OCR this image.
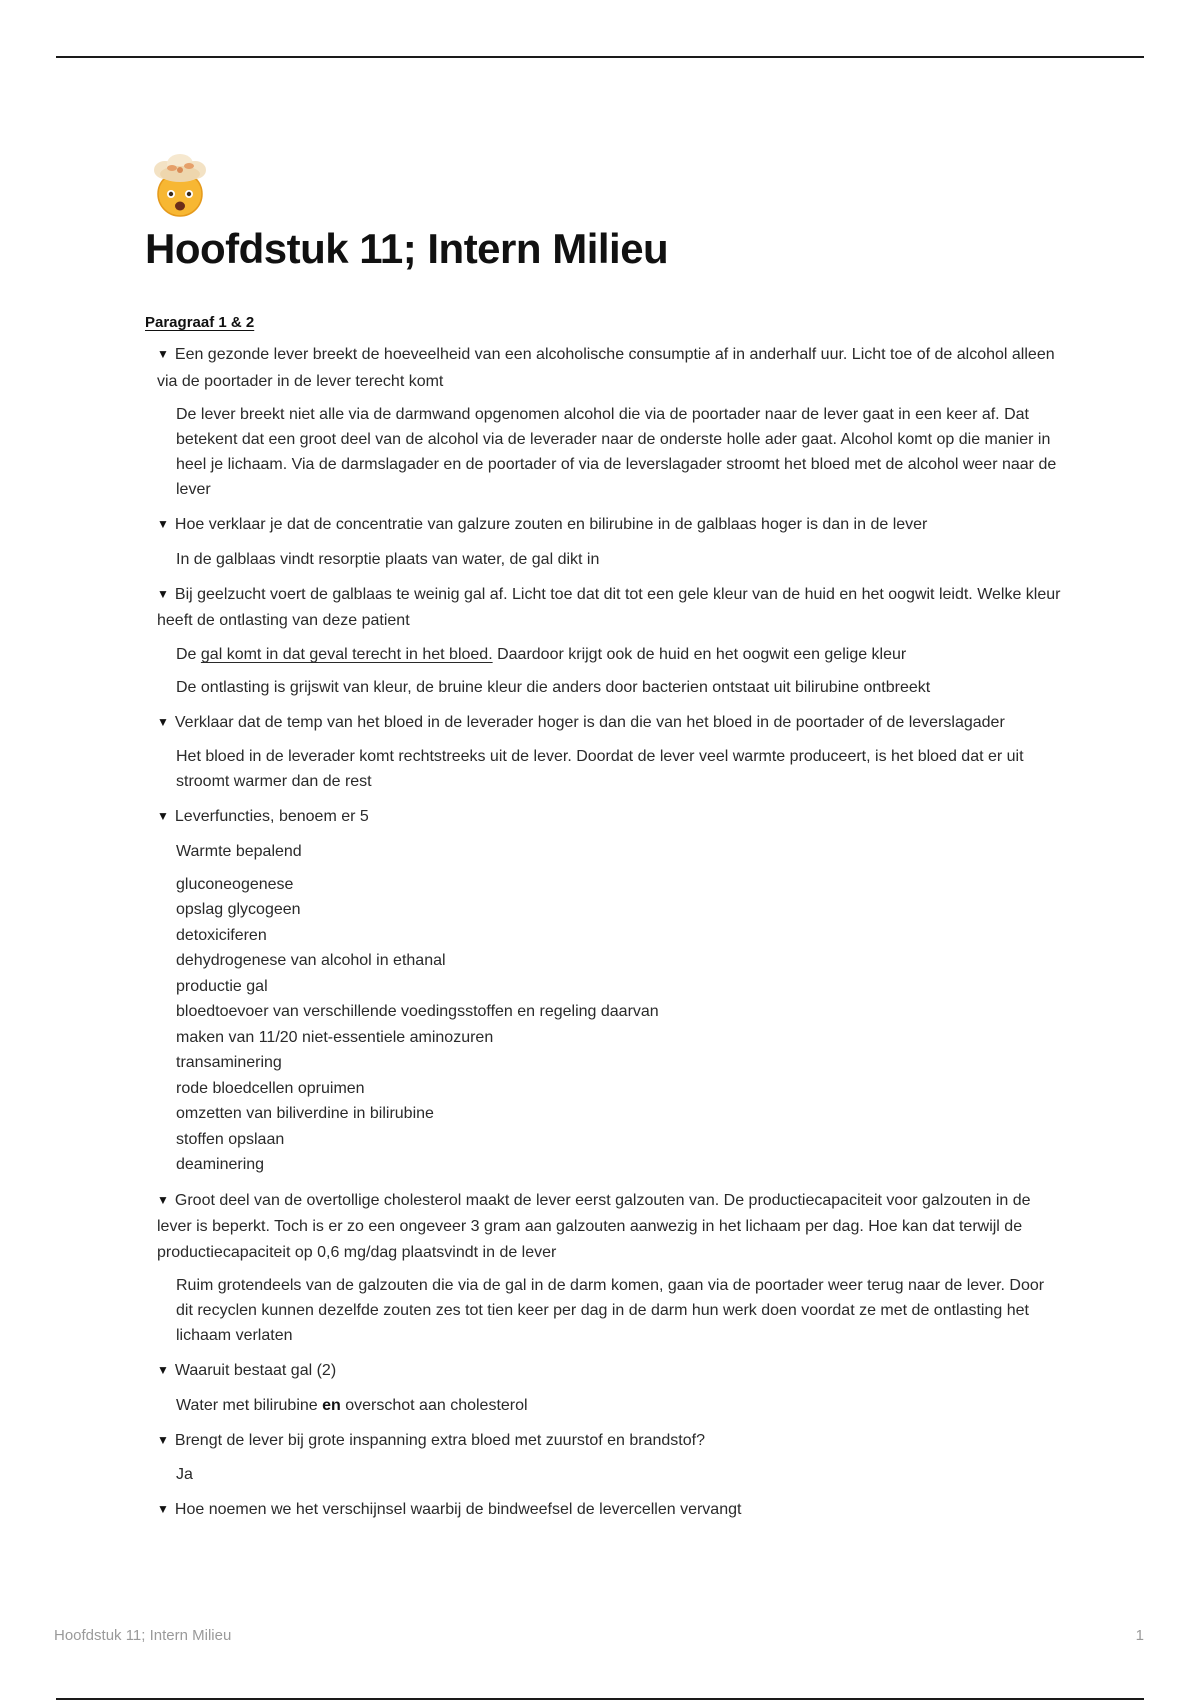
Hoofdstuk 11; Intern Milieu
Paragraaf 1 & 2
▼ Een gezonde lever breekt de hoeveelheid van een alcoholische consumptie af in anderhalf uur. Licht toe of de alcohol alleen via de poortader in de lever terecht komt

De lever breekt niet alle via de darmwand opgenomen alcohol die via de poortader naar de lever gaat in een keer af. Dat betekent dat een groot deel van de alcohol via de leverader naar de onderste holle ader gaat. Alcohol komt op die manier in heel je lichaam. Via de darmslagader en de poortader of via de leverslagader stroomt het bloed met de alcohol weer naar de lever

▼ Hoe verklaar je dat de concentratie van galzure zouten en bilirubine in de galblaas hoger is dan in de lever

In de galblaas vindt resorptie plaats van water, de gal dikt in

▼ Bij geelzucht voert de galblaas te weinig gal af. Licht toe dat dit tot een gele kleur van de huid en het oogwit leidt. Welke kleur heeft de ontlasting van deze patient

De gal komt in dat geval terecht in het bloed. Daardoor krijgt ook de huid en het oogwit een gelige kleur

De ontlasting is grijswit van kleur, de bruine kleur die anders door bacterien ontstaat uit bilirubine ontbreekt

▼ Verklaar dat de temp van het bloed in de leverader hoger is dan die van het bloed in de poortader of de leverslagader

Het bloed in de leverader komt rechtstreeks uit de lever. Doordat de lever veel warmte produceert, is het bloed dat er uit stroomt warmer dan de rest

▼ Leverfuncties, benoem er 5

Warmte bepalend

gluconeogenese
opslag glycogeen
detoxiciferen
dehydrogenese van alcohol in ethanal
productie gal
bloedtoevoer van verschillende voedingsstoffen en regeling daarvan
maken van 11/20 niet-essentiele aminozuren
transaminering
rode bloedcellen opruimen
omzetten van biliverdine in bilirubine
stoffen opslaan
deaminering
▼ Groot deel van de overtollige cholesterol maakt de lever eerst galzouten van. De productiecapaciteit voor galzouten in de lever is beperkt. Toch is er zo een ongeveer 3 gram aan galzouten aanwezig in het lichaam per dag. Hoe kan dat terwijl de productiecapaciteit op 0,6 mg/dag plaatsvindt in de lever

Ruim grotendeels van de galzouten die via de gal in de darm komen, gaan via de poortader weer terug naar de lever. Door dit recyclen kunnen dezelfde zouten zes tot tien keer per dag in de darm hun werk doen voordat ze met de ontlasting het lichaam verlaten

▼ Waaruit bestaat gal (2)

Water met bilirubine en overschot aan cholesterol

▼ Brengt de lever bij grote inspanning extra bloed met zuurstof en brandstof?

Ja

▼ Hoe noemen we het verschijnsel waarbij de bindweefsel de levercellen vervangt
Hoofdstuk 11; Intern Milieu	1
